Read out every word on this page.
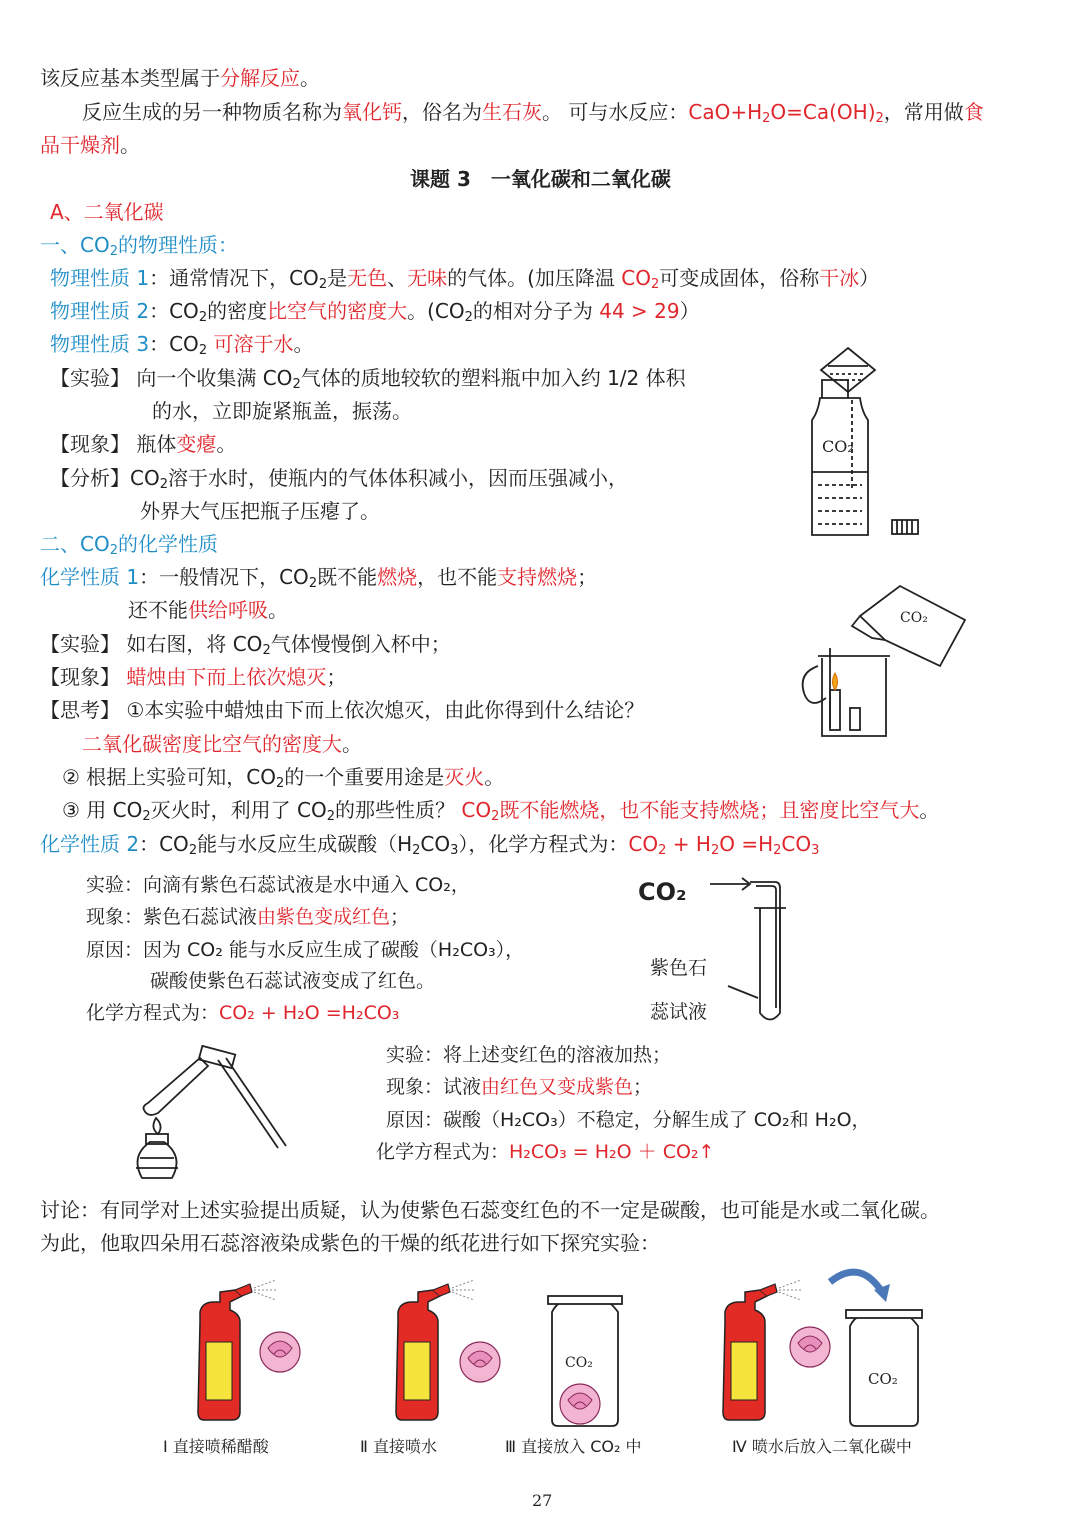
该反应基本类型属于分解反应。
反应生成的另一种物质名称为氧化钙，俗名为生石灰。 可与水反应：$CaO+H_2O=Ca(OH)_2$，常用做食
品干燥剂。
课题 3　一氧化碳和二氧化碳
A、二氧化碳
一、$CO_2$的物理性质：
物理性质 1：通常情况下，$CO_2$是无色、无味的气体。(加压降温 $CO_2$可变成固体，俗称干冰）
物理性质 2：$CO_2$的密度比空气的密度大。($CO_2$的相对分子为 44 > 29）
物理性质 3：$CO_2$ 可溶于水。
【实验】 向一个收集满 $CO_2$气体的质地较软的塑料瓶中加入约 1/2 体积
的水，立即旋紧瓶盖，振荡。
【现象】 瓶体变瘪。
【分析】$CO_2$溶于水时，使瓶内的气体体积减小，因而压强减小，
外界大气压把瓶子压瘪了。
CO₂
二、$CO_2$的化学性质
化学性质 1：一般情况下，$CO_2$既不能燃烧，也不能支持燃烧；
还不能供给呼吸。
【实验】 如右图，将 $CO_2$气体慢慢倒入杯中；
【现象】 蜡烛由下而上依次熄灭；
【思考】 ①本实验中蜡烛由下而上依次熄灭，由此你得到什么结论？
二氧化碳密度比空气的密度大。
CO₂
② 根据上实验可知，$CO_2$的一个重要用途是灭火。
③ 用 $CO_2$灭火时，利用了 $CO_2$的那些性质？ $CO_2$既不能燃烧，也不能支持燃烧；且密度比空气大。
化学性质 2：$CO_2$能与水反应生成碳酸$(H_2CO_3)$，化学方程式为：$CO_2 + H_2O =H_2CO_3$
实验：向滴有紫色石蕊试液是水中通入 CO₂，
现象：紫色石蕊试液由紫色变成红色；
原因：因为 CO₂ 能与水反应生成了碳酸（H₂CO₃），
碳酸使紫色石蕊试液变成了红色。
化学方程式为：CO₂ + H₂O =H₂CO₃
CO₂
紫色石
蕊试液
实验：将上述变红色的溶液加热；
现象：试液由红色又变成紫色；
原因：碳酸（H₂CO₃）不稳定，分解生成了 CO₂和 H₂O，
化学方程式为：H₂CO₃ = H₂O ＋ CO₂↑
讨论：有同学对上述实验提出质疑，认为使紫色石蕊变红色的不一定是碳酸，也可能是水或二氧化碳。
为此，他取四朵用石蕊溶液染成紫色的干燥的纸花进行如下探究实验：
CO₂
CO₂
Ⅰ 直接喷稀醋酸	Ⅱ 直接喷水	Ⅲ 直接放入 CO₂ 中	Ⅳ 喷水后放入二氧化碳中
27
